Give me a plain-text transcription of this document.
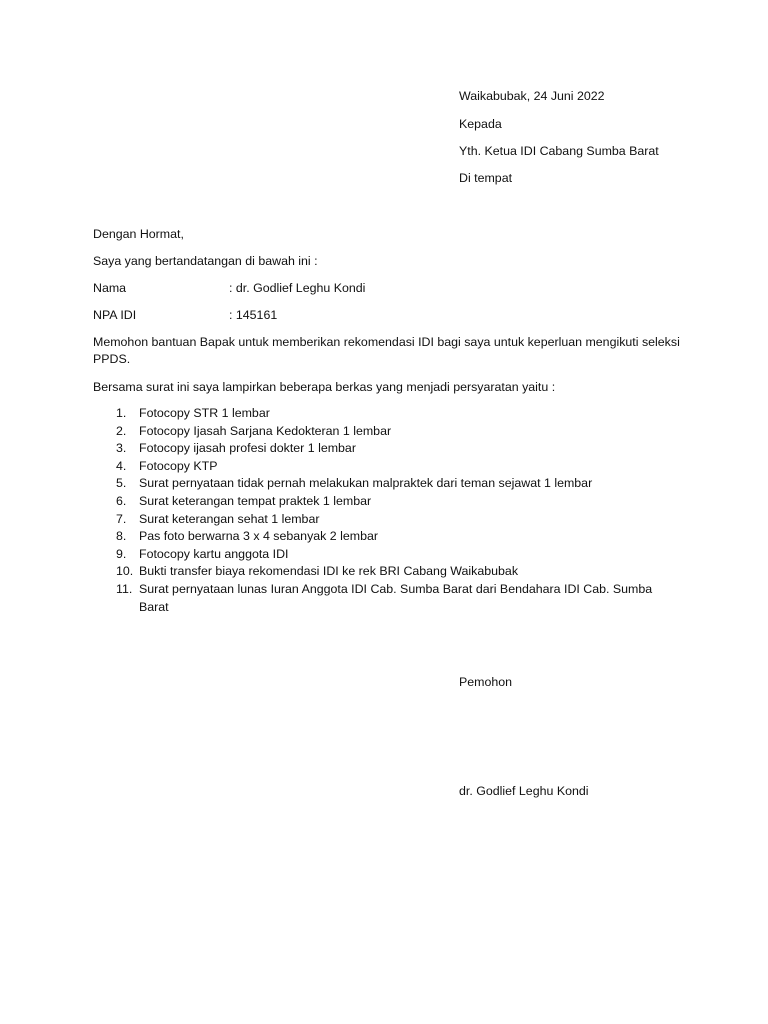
Waikabubak, 24 Juni 2022
Kepada
Yth. Ketua IDI Cabang Sumba Barat
Di tempat
Dengan Hormat,
Saya yang bertandatangan di bawah ini :
Nama	: dr. Godlief Leghu Kondi
NPA IDI	: 145161
Memohon bantuan Bapak untuk memberikan rekomendasi IDI bagi saya untuk keperluan mengikuti seleksi PPDS.
Bersama surat ini saya lampirkan beberapa berkas yang menjadi persyaratan yaitu :
1.	Fotocopy STR 1 lembar
2.	Fotocopy Ijasah Sarjana Kedokteran 1 lembar
3.	Fotocopy ijasah profesi dokter 1 lembar
4.	Fotocopy KTP
5.	Surat pernyataan tidak pernah melakukan malpraktek dari teman sejawat 1 lembar
6.	Surat keterangan tempat praktek 1 lembar
7.	Surat keterangan sehat 1 lembar
8.	Pas foto berwarna 3 x 4 sebanyak 2 lembar
9.	Fotocopy kartu anggota IDI
10. Bukti transfer biaya rekomendasi IDI ke rek BRI Cabang Waikabubak
11. Surat pernyataan lunas Iuran Anggota IDI Cab. Sumba Barat dari Bendahara IDI Cab. Sumba Barat
Pemohon
dr. Godlief Leghu Kondi
